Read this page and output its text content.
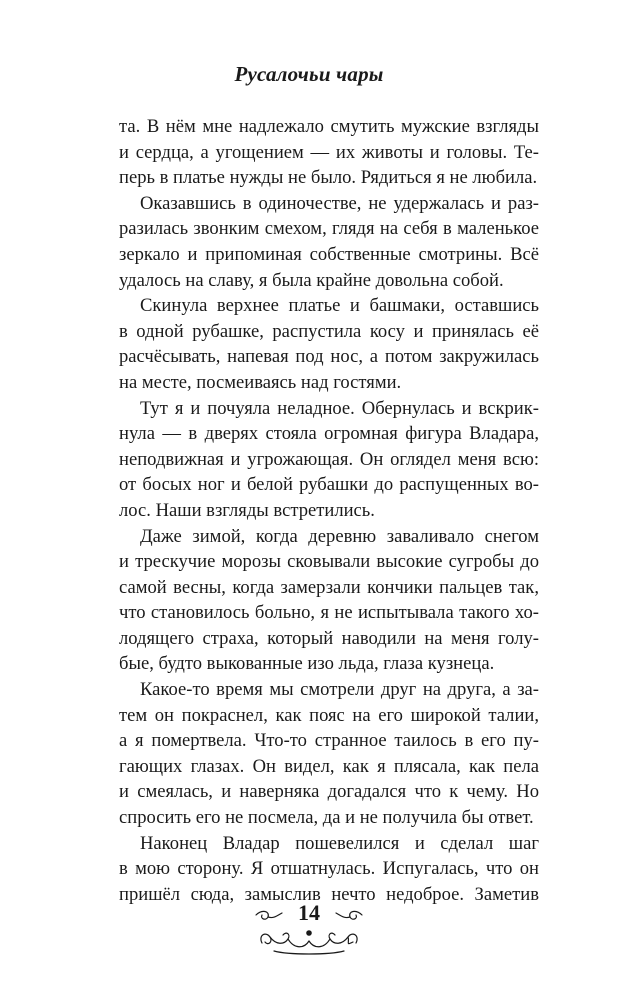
Русалочьи чары
та. В нём мне надлежало смутить мужские взгляды
и сердца, а угощением — их животы и головы. Те-
перь в платье нужды не было. Рядиться я не любила.
Оказавшись в одиночестве, не удержалась и раз-
разилась звонким смехом, глядя на себя в маленькое
зеркало и припоминая собственные смотрины. Всё
удалось на славу, я была крайне довольна собой.
Скинула верхнее платье и башмаки, оставшись
в одной рубашке, распустила косу и принялась её
расчёсывать, напевая под нос, а потом закружилась
на месте, посмеиваясь над гостями.
Тут я и почуяла неладное. Обернулась и вскрик-
нула — в дверях стояла огромная фигура Владара,
неподвижная и угрожающая. Он оглядел меня всю:
от босых ног и белой рубашки до распущенных во-
лос. Наши взгляды встретились.
Даже зимой, когда деревню заваливало снегом
и трескучие морозы сковывали высокие сугробы до
самой весны, когда замерзали кончики пальцев так,
что становилось больно, я не испытывала такого хо-
лодящего страха, который наводили на меня голу-
бые, будто выкованные изо льда, глаза кузнеца.
Какое-то время мы смотрели друг на друга, а за-
тем он покраснел, как пояс на его широкой талии,
а я помертвела. Что-то странное таилось в его пу-
гающих глазах. Он видел, как я плясала, как пела
и смеялась, и наверняка догадался что к чему. Но
спросить его не посмела, да и не получила бы ответ.
Наконец Владар пошевелился и сделал шаг
в мою сторону. Я отшатнулась. Испугалась, что он
пришёл сюда, замыслив нечто недоброе. Заметив
14
